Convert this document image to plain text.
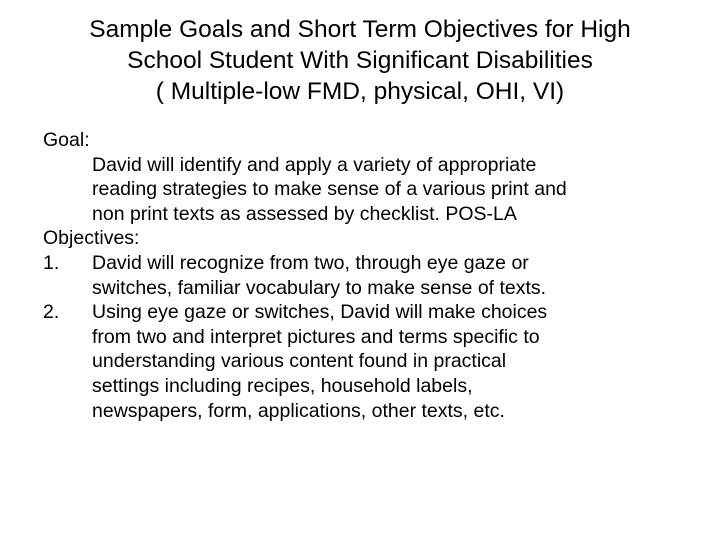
Sample Goals and Short Term Objectives for High
School Student With Significant Disabilities
( Multiple-low FMD, physical, OHI, VI)
Goal:
David will identify and apply a variety of appropriate
reading strategies to make sense of a various print and
non print texts as assessed by checklist. POS-LA
Objectives:
1.	David will recognize from two, through eye gaze or
switches, familiar vocabulary to make sense of texts.
2.	Using eye gaze or switches, David will make choices
from two and interpret pictures and terms specific to
understanding various content found in practical
settings including recipes, household labels,
newspapers, form, applications, other texts, etc.
